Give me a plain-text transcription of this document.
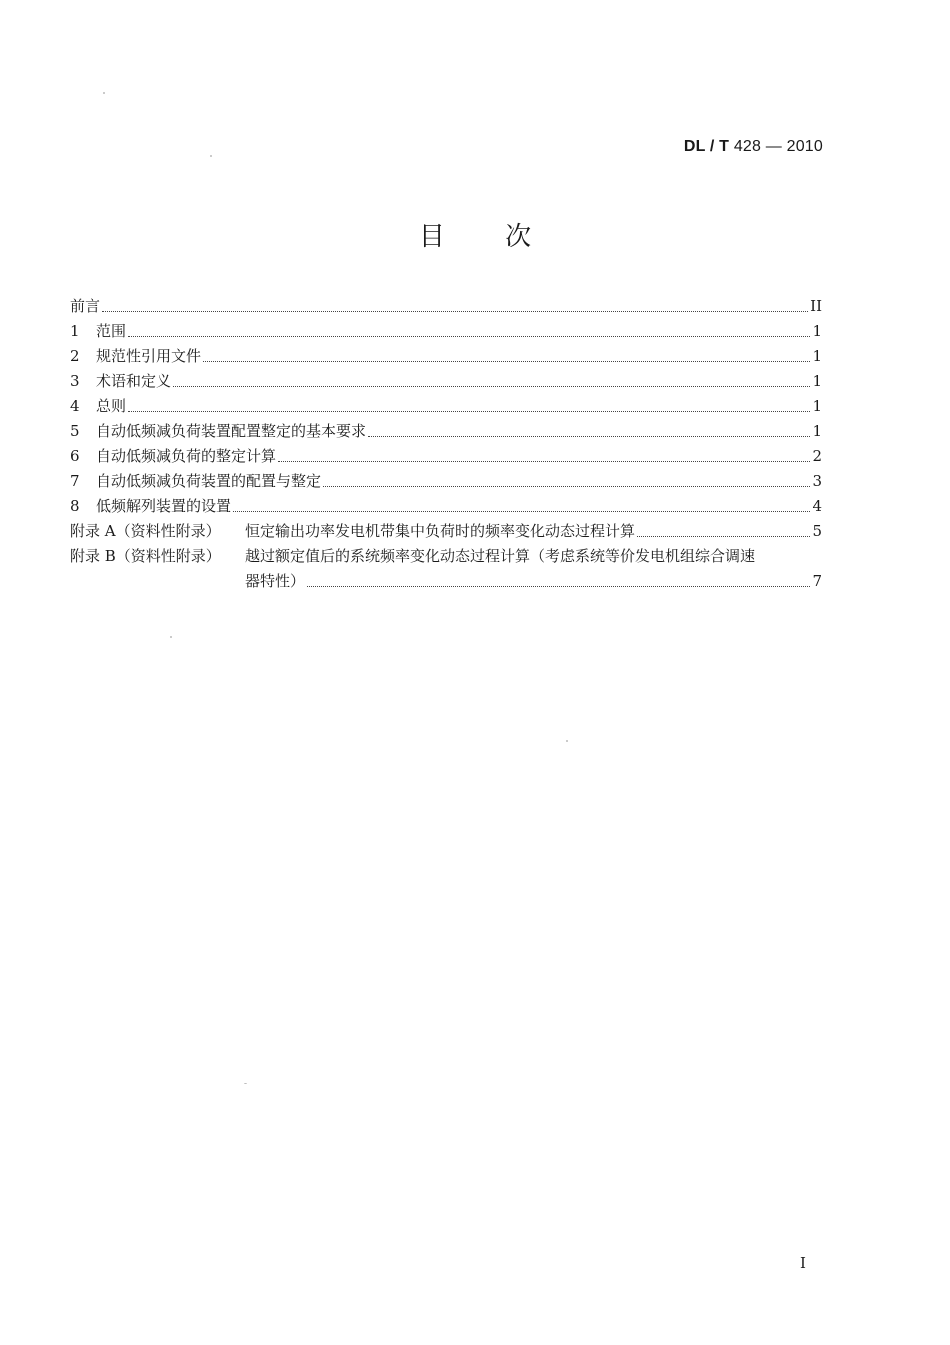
DL / T 428 — 2010
目 次
前言	II
1	范围	1
2	规范性引用文件	1
3	术语和定义	1
4	总则	1
5	自动低频减负荷装置配置整定的基本要求	1
6	自动低频减负荷的整定计算	2
7	自动低频减负荷装置的配置与整定	3
8	低频解列装置的设置	4
附录 A（资料性附录）	恒定输出功率发电机带集中负荷时的频率变化动态过程计算	5
附录 B（资料性附录）	越过额定值后的系统频率变化动态过程计算（考虑系统等价发电机组综合调速
器特性）	7
I
